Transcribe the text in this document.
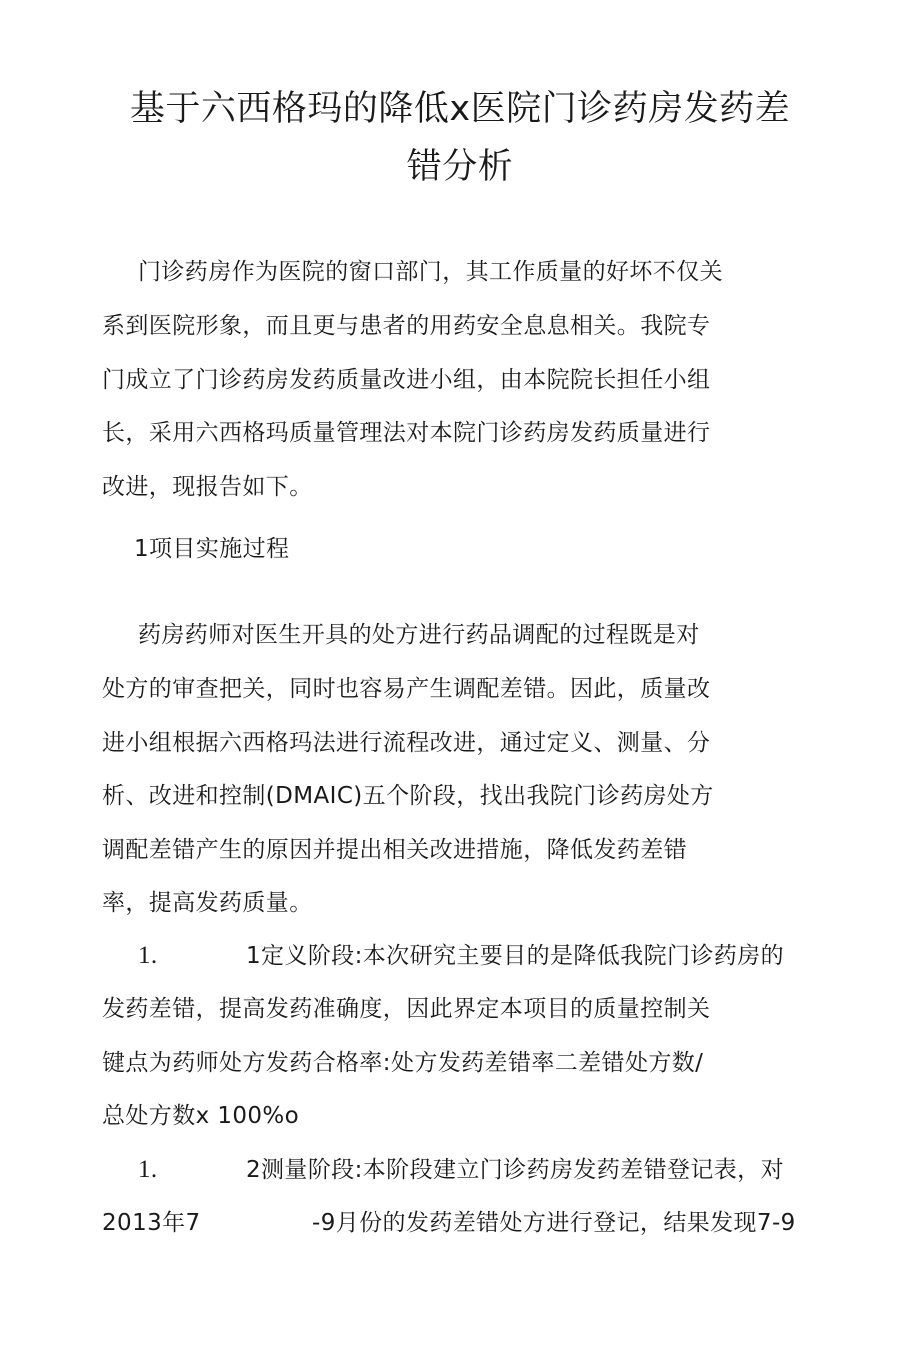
基于六西格玛的降低x医院门诊药房发药差
错分析
门诊药房作为医院的窗口部门，其工作质量的好坏不仅关
系到医院形象，而且更与患者的用药安全息息相关。我院专
门成立了门诊药房发药质量改进小组，由本院院长担任小组
长，采用六西格玛质量管理法对本院门诊药房发药质量进行
改进，现报告如下。
1项目实施过程
药房药师对医生开具的处方进行药品调配的过程既是对
处方的审查把关，同时也容易产生调配差错。因此，质量改
进小组根据六西格玛法进行流程改进，通过定义、测量、分
析、改进和控制(DMAIC)五个阶段，找出我院门诊药房处方
调配差错产生的原因并提出相关改进措施，降低发药差错
率，提高发药质量。
1.	1定义阶段:本次研究主要目的是降低我院门诊药房的
发药差错，提高发药准确度，因此界定本项目的质量控制关
键点为药师处方发药合格率:处方发药差错率二差错处方数/
总处方数x 100%o
1.	2测量阶段:本阶段建立门诊药房发药差错登记表，对
2013年7	-9月份的发药差错处方进行登记，结果发现7-9
